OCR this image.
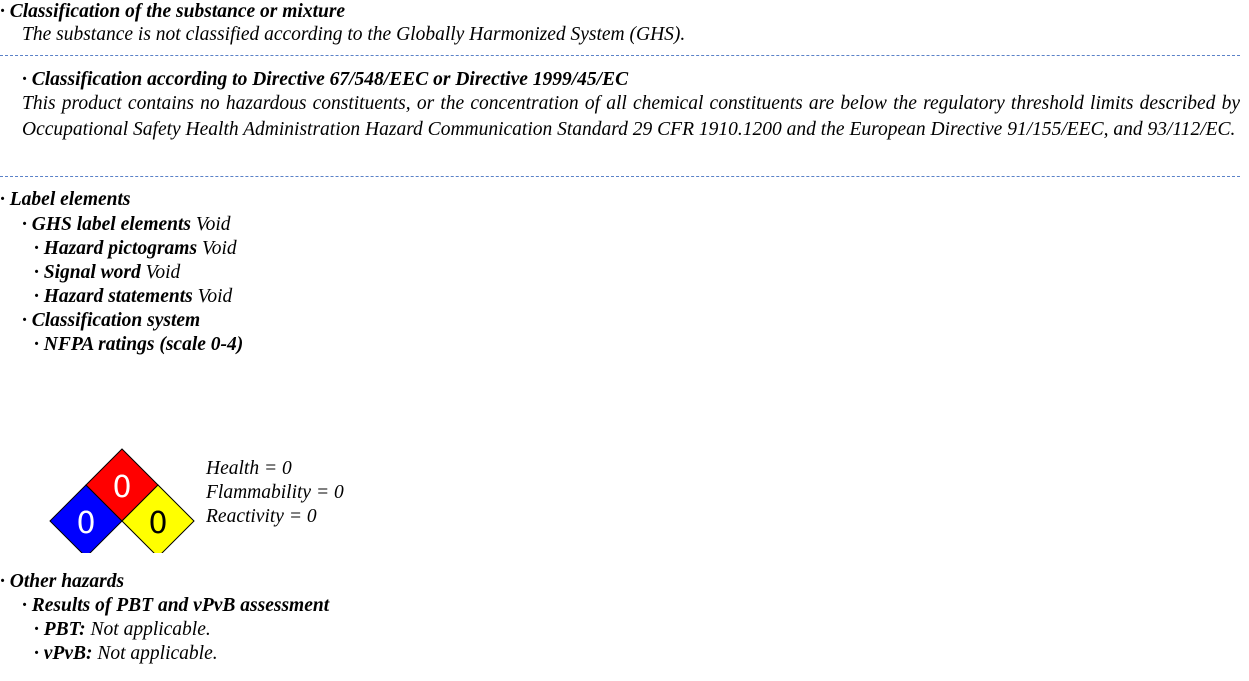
· Classification of the substance or mixture
The substance is not classified according to the Globally Harmonized System (GHS).
· Classification according to Directive 67/548/EEC or Directive 1999/45/EC
This product contains no hazardous constituents, or the concentration of all chemical constituents are below the regulatory threshold limits described by Occupational Safety Health Administration Hazard Communication Standard 29 CFR 1910.1200 and the European Directive 91/155/EEC, and 93/112/EC.
· Label elements
· GHS label elements Void
· Hazard pictograms Void
· Signal word Void
· Hazard statements Void
· Classification system
· NFPA ratings (scale 0-4)
0
0
0
Health = 0
Flammability = 0
Reactivity = 0
· Other hazards
· Results of PBT and vPvB assessment
· PBT: Not applicable.
· vPvB: Not applicable.
